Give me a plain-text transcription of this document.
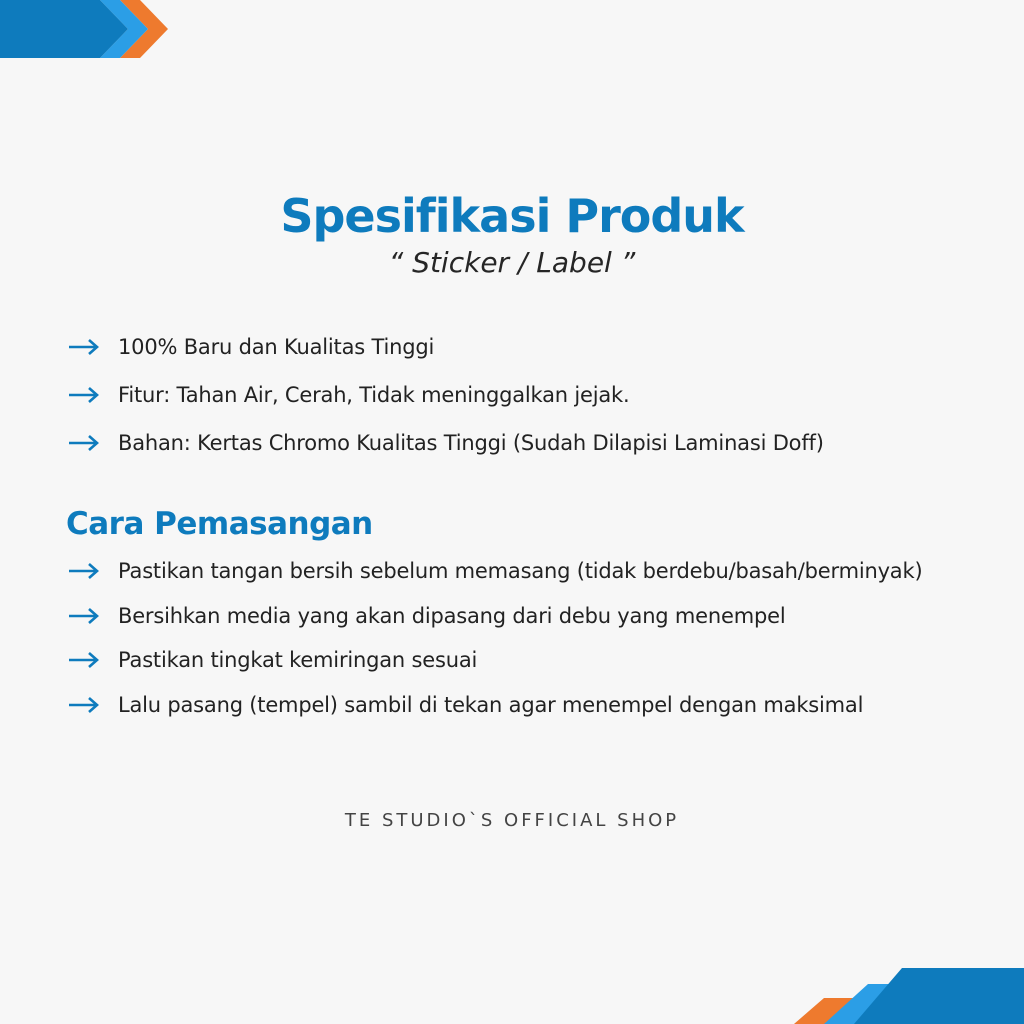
Spesifikasi Produk

“ Sticker / Label ”

100% Baru dan Kualitas Tinggi
Fitur: Tahan Air, Cerah, Tidak meninggalkan jejak.
Bahan: Kertas Chromo Kualitas Tinggi (Sudah Dilapisi Laminasi Doff)
Cara Pemasangan
Pastikan tangan bersih sebelum memasang (tidak berdebu/basah/berminyak)
Bersihkan media yang akan dipasang dari debu yang menempel
Pastikan tingkat kemiringan sesuai
Lalu pasang (tempel) sambil di tekan agar menempel dengan maksimal

TE STUDIO`S OFFICIAL SHOP
